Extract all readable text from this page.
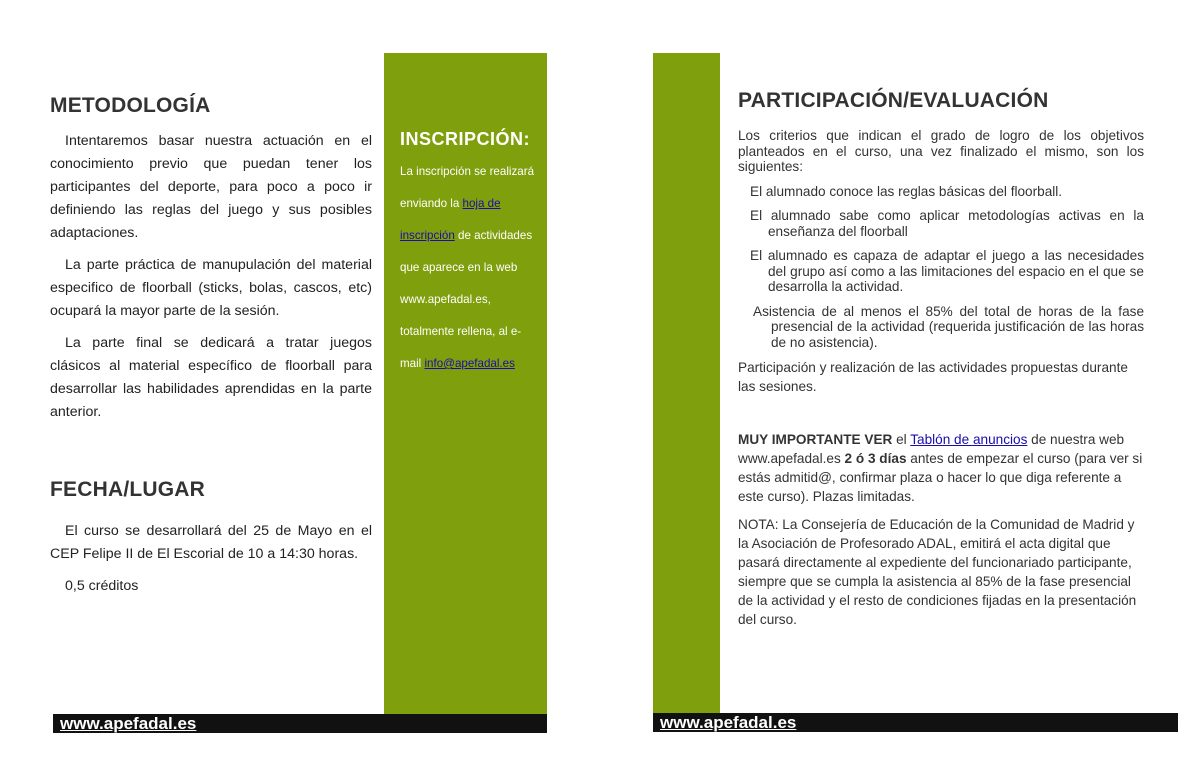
METODOLOGÍA

Intentaremos basar nuestra actuación en el conocimiento previo que puedan tener los participantes del deporte, para poco a poco ir definiendo las reglas del juego y sus posibles adaptaciones.

La parte práctica de manupulación del material especifico de floorball (sticks, bolas, cascos, etc) ocupará la mayor parte de la sesión.

La parte final se dedicará a tratar juegos clásicos al material específico de floorball para desarrollar las habilidades aprendidas en la parte anterior.

FECHA/LUGAR

El curso se desarrollará del 25 de Mayo en el CEP Felipe II de El Escorial de 10 a 14:30 horas.

0,5 créditos

INSCRIPCIÓN:
La inscripción se realizará enviando la hoja de inscripción de actividades que aparece en la web www.apefadal.es, totalmente rellena, al e-mail info@apefadal.es
www.apefadal.es
PARTICIPACIÓN/EVALUACIÓN

Los criterios que indican el grado de logro de los objetivos planteados en el curso, una vez finalizado el mismo, son los siguientes:

El alumnado conoce las reglas básicas del floorball.

El alumnado sabe como aplicar metodologías activas en la enseñanza del floorball

El alumnado es capaza de adaptar el juego a las necesidades del grupo así como a las limitaciones del espacio en el que se desarrolla la actividad.

Asistencia de al menos el 85% del total de horas de la fase presencial de la actividad (requerida justificación de las horas de no asistencia).

Participación y realización de las actividades propuestas durante las sesiones.

MUY IMPORTANTE VER el Tablón de anuncios de nuestra web www.apefadal.es 2 ó 3 días antes de empezar el curso (para ver si estás admitid@, confirmar plaza o hacer lo que diga referente a este curso). Plazas limitadas.

NOTA: La Consejería de Educación de la Comunidad de Madrid y la Asociación de Profesorado ADAL, emitirá el acta digital que pasará directamente al expediente del funcionariado participante, siempre que se cumpla la asistencia al 85% de la fase presencial de la actividad y el resto de condiciones fijadas en la presentación del curso.

www.apefadal.es
